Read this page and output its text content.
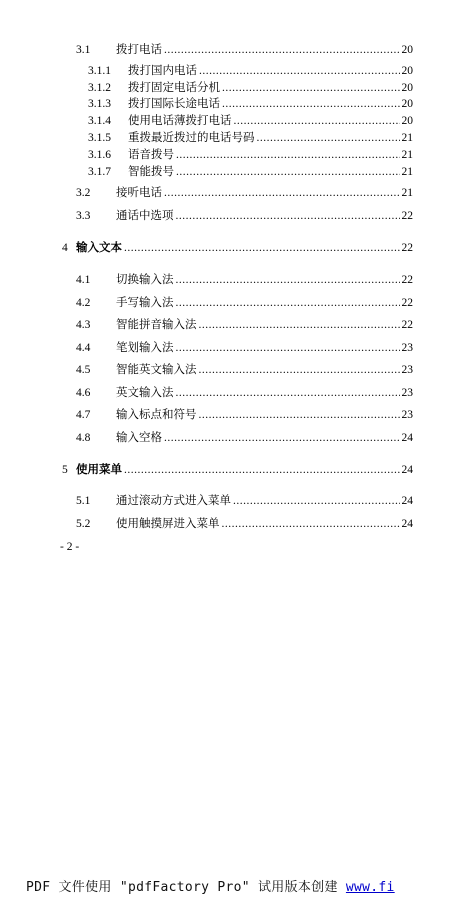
3.1	拨打电话 .....	20
3.1.1	拨打国内电话 .....	20
3.1.2	拨打固定电话分机 .....	20
3.1.3	拨打国际长途电话 .....	20
3.1.4	使用电话薄拨打电话 .....	20
3.1.5	重拨最近拨过的电话号码 .....	21
3.1.6	语音拨号 .....	21
3.1.7	智能拨号 .....	21
3.2	接听电话 .....	21
3.3	通话中选项 .....	22
4 输入文本 .....	22
4.1	切换输入法 .....	22
4.2	手写输入法 .....	22
4.3	智能拼音输入法 .....	22
4.4	笔划输入法 .....	23
4.5	智能英文输入法 .....	23
4.6	英文输入法 .....	23
4.7	输入标点和符号 .....	23
4.8	输入空格 .....	24
5 使用菜单 .....	24
5.1	通过滚动方式进入菜单 .....	24
5.2	使用触摸屏进入菜单 .....	24
- 2 -
PDF 文件使用 "pdfFactory Pro" 试用版本创建 www.fi
